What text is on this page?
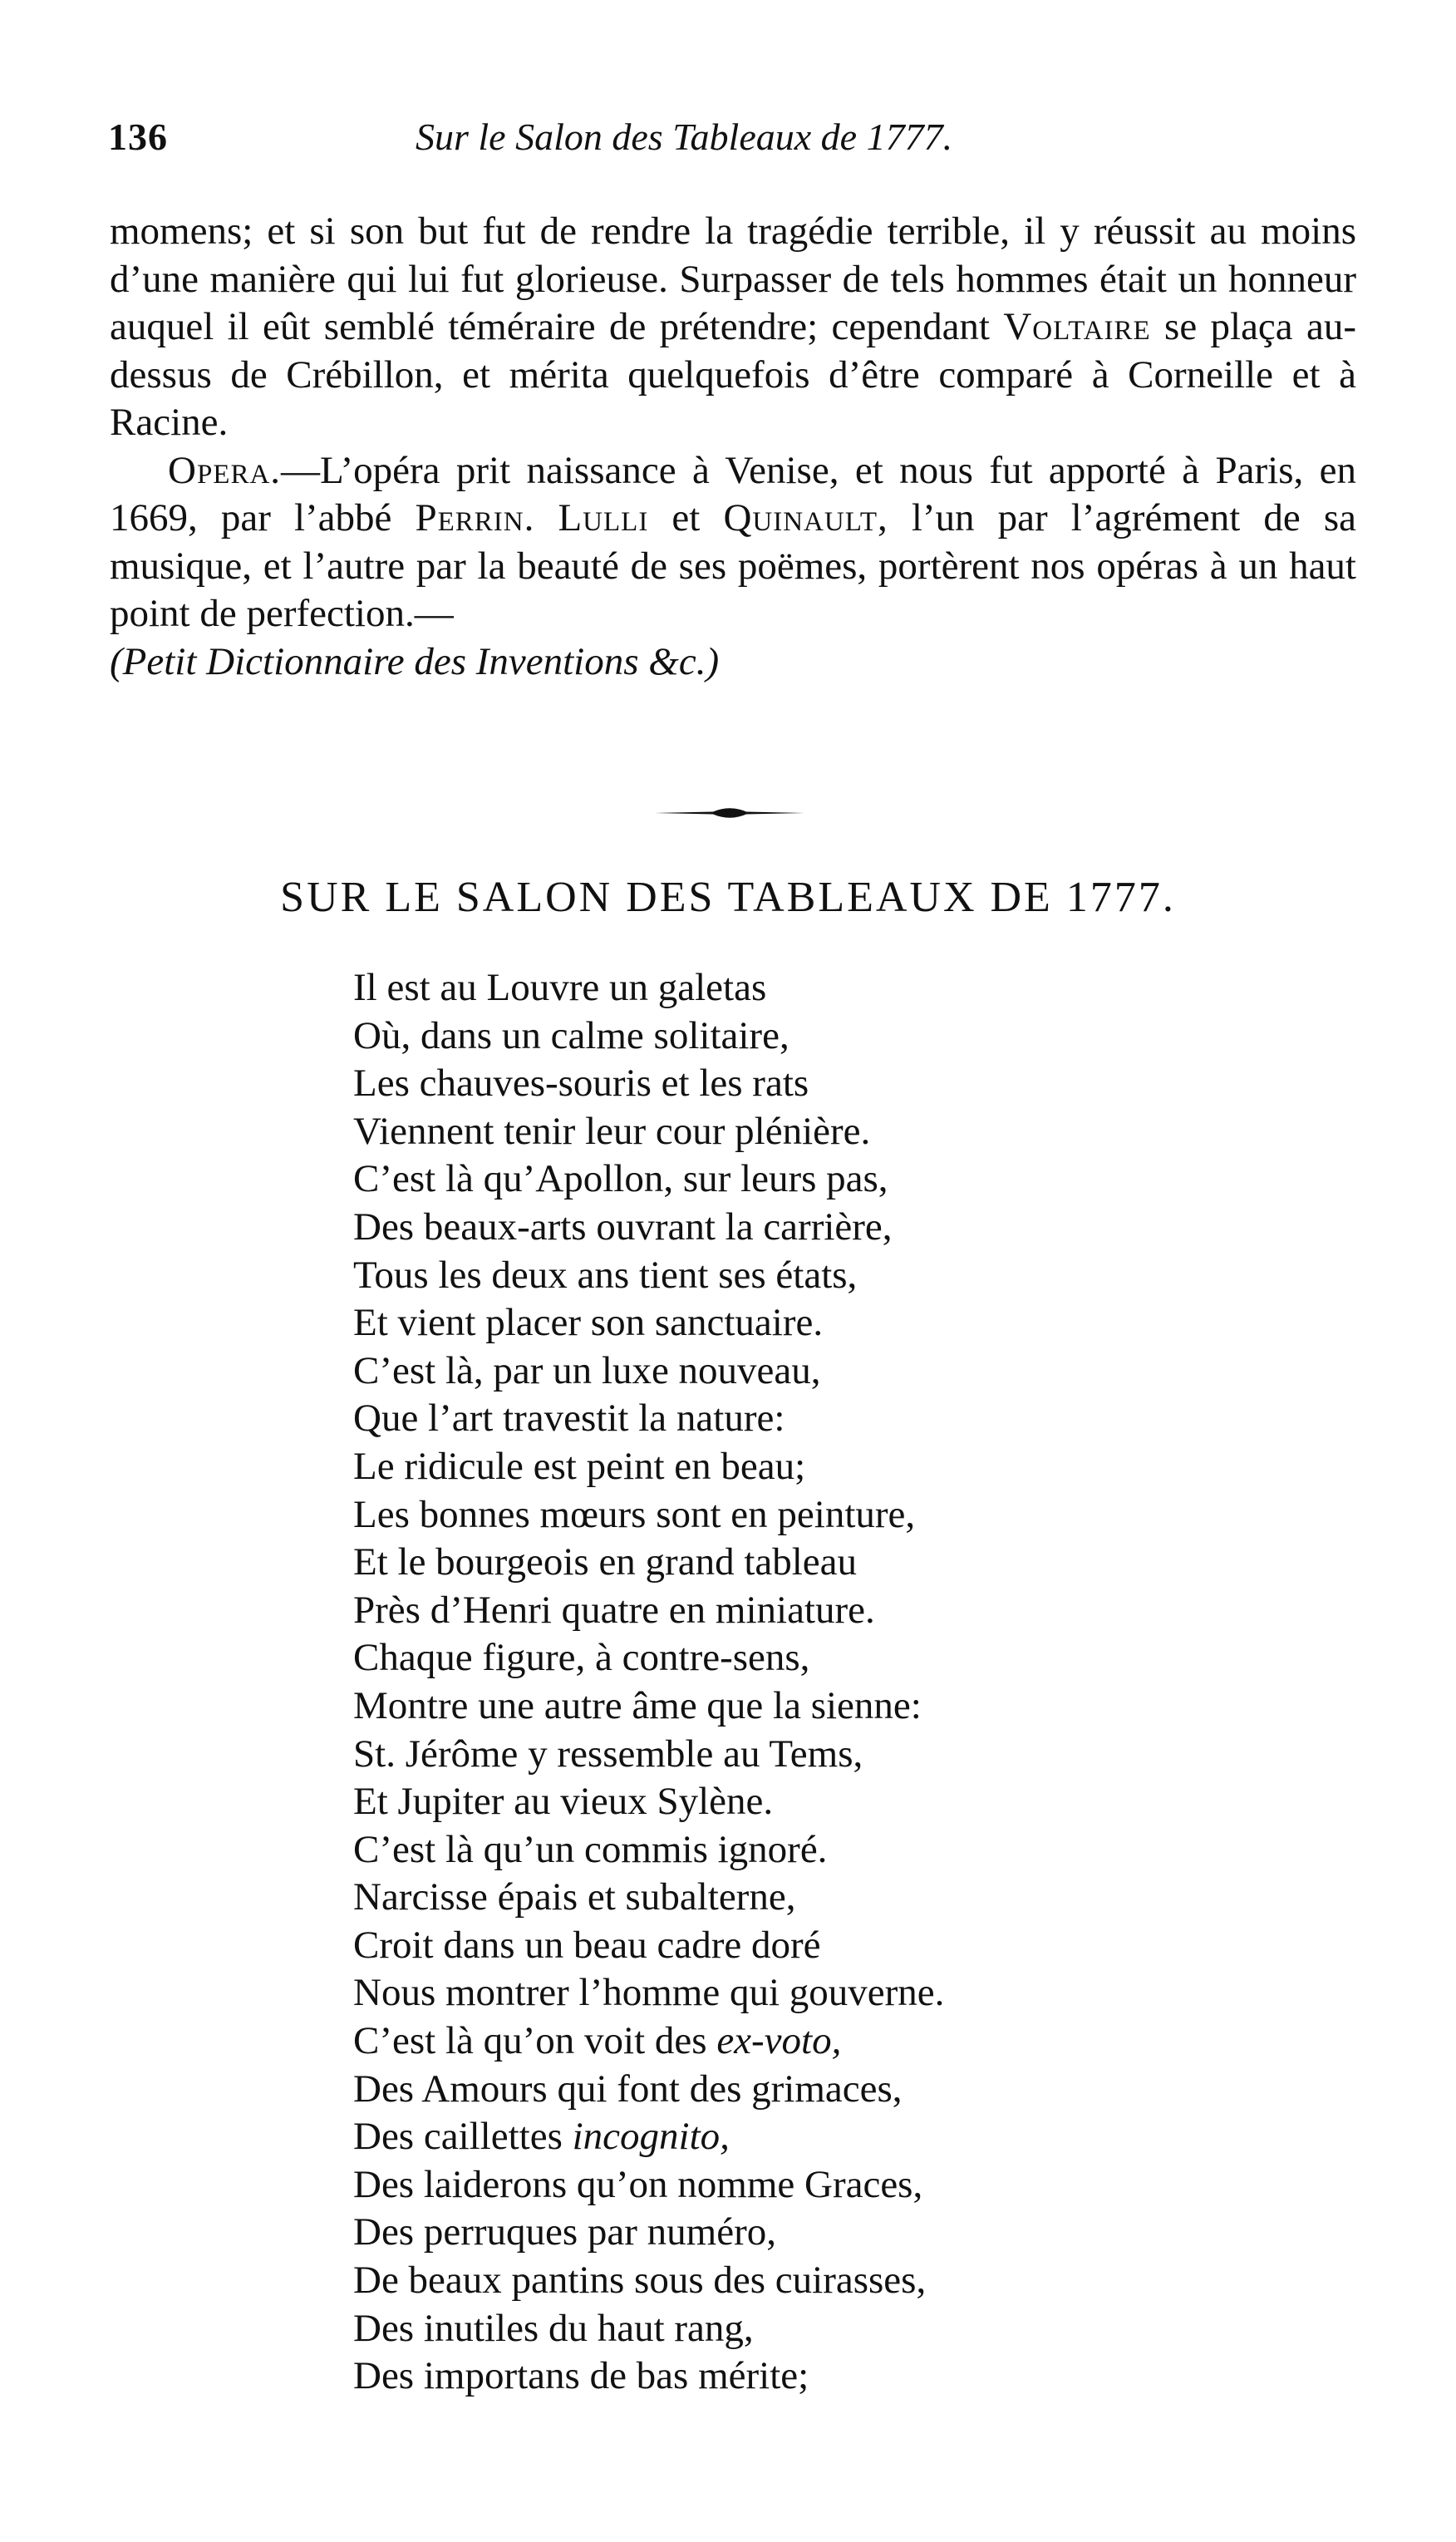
136	Sur le Salon des Tableaux de 1777.

momens; et si son but fut de rendre la tragédie terrible, il y réussit au moins d’une manière qui lui fut glorieuse. Surpasser de tels hommes était un honneur auquel il eût semblé téméraire de prétendre; cependant Voltaire se plaça au-dessus de Crébillon, et mérita quelquefois d’être comparé à Corneille et à Racine.

Opera.—L’opéra prit naissance à Venise, et nous fut apporté à Paris, en 1669, par l’abbé Perrin. Lulli et Quinault, l’un par l’agrément de sa musique, et l’autre par la beauté de ses poëmes, portèrent nos opéras à un haut point de perfection.—
(Petit Dictionnaire des Inventions &c.)

SUR LE SALON DES TABLEAUX DE 1777.
Il est au Louvre un galetas
Où, dans un calme solitaire,
Les chauves-souris et les rats
Viennent tenir leur cour plénière.
C’est là qu’Apollon, sur leurs pas,
Des beaux-arts ouvrant la carrière,
Tous les deux ans tient ses états,
Et vient placer son sanctuaire.
C’est là, par un luxe nouveau,
Que l’art travestit la nature:
Le ridicule est peint en beau;
Les bonnes mœurs sont en peinture,
Et le bourgeois en grand tableau
Près d’Henri quatre en miniature.
Chaque figure, à contre-sens,
Montre une autre âme que la sienne:
St. Jérôme y ressemble au Tems,
Et Jupiter au vieux Sylène.
C’est là qu’un commis ignoré.
Narcisse épais et subalterne,
Croit dans un beau cadre doré
Nous montrer l’homme qui gouverne.
C’est là qu’on voit des ex-voto,
Des Amours qui font des grimaces,
Des caillettes incognito,
Des laiderons qu’on nomme Graces,
Des perruques par numéro,
De beaux pantins sous des cuirasses,
Des inutiles du haut rang,
Des importans de bas mérite;
